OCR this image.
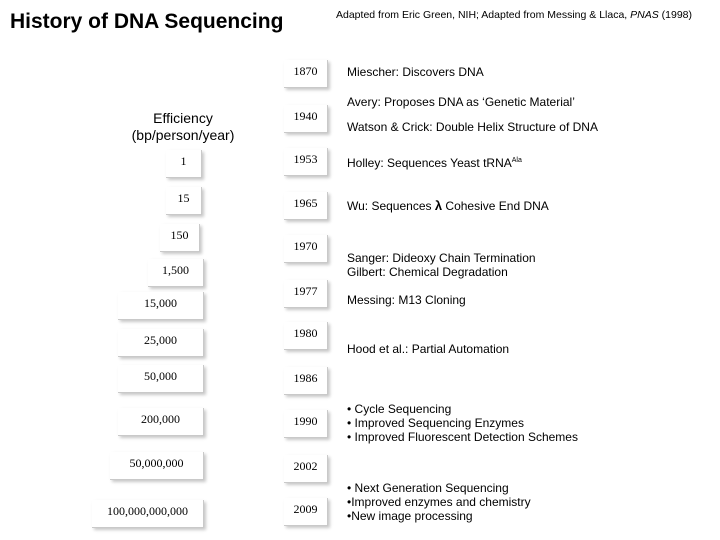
History of DNA Sequencing	Adapted from Eric Green, NIH; Adapted from Messing & Llaca, PNAS (1998)
Efficiency
(bp/person/year)
1
15
150
1,500
15,000
25,000
50,000
200,000
50,000,000
100,000,000,000
1870
1940
1953
1965
1970
1977
1980
1986
1990
2002
2009
Miescher: Discovers DNA
Avery: Proposes DNA as ‘Genetic Material’
Watson & Crick: Double Helix Structure of DNA
Holley: Sequences Yeast tRNA$^{Ala}$
Wu: Sequences λ Cohesive End DNA
Sanger: Dideoxy Chain Termination
Gilbert: Chemical Degradation
Messing: M13 Cloning
Hood et al.: Partial Automation
• Cycle Sequencing
• Improved Sequencing Enzymes
• Improved Fluorescent Detection Schemes
• Next Generation Sequencing
•Improved enzymes and chemistry
•New image processing
